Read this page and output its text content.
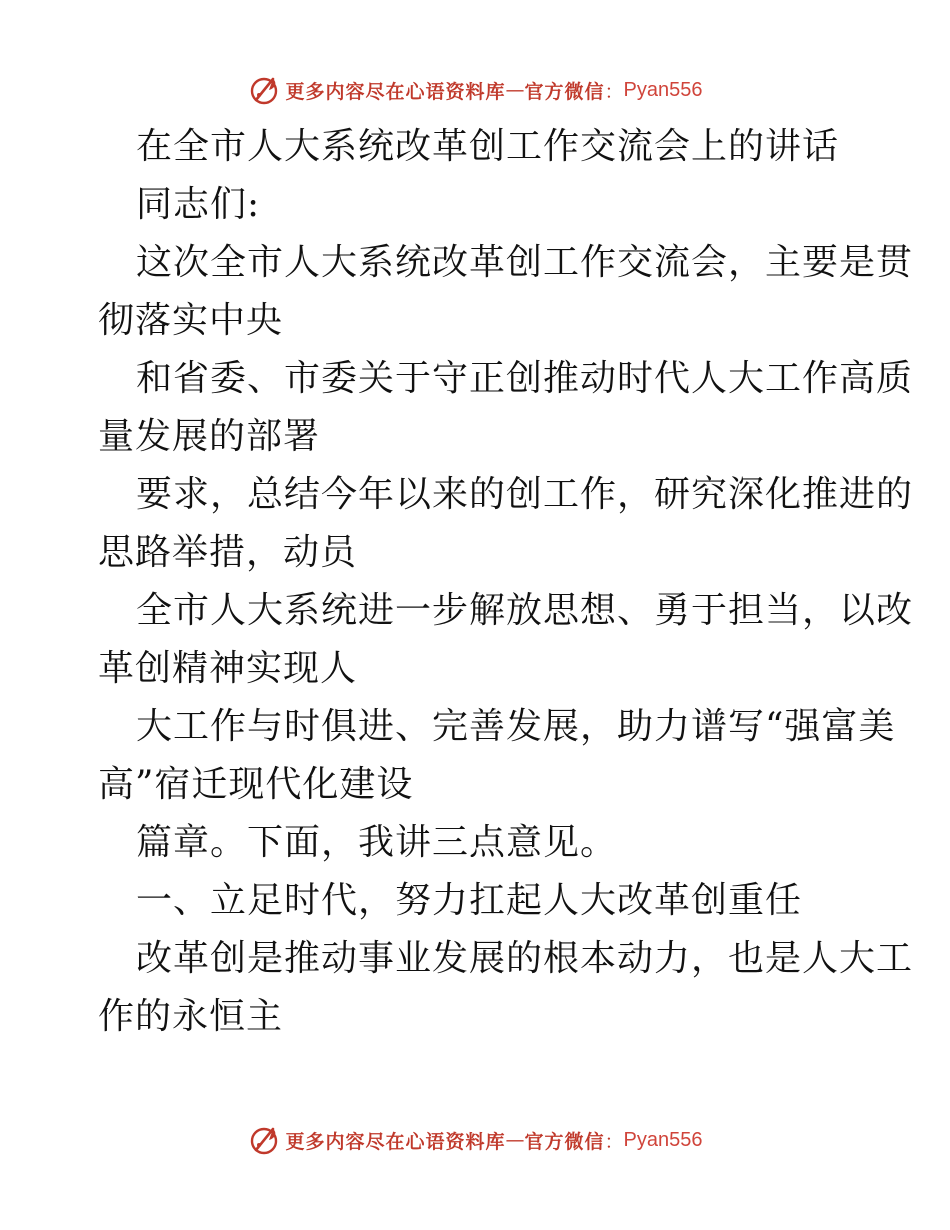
更多内容尽在心语资料库 — 官方微信 ： Pyan556
在全市人大系统改革创工作交流会上的讲话
同志们:
这次全市人大系统改革创工作交流会，主要是贯
彻落实中央
和省委、市委关于守正创推动时代人大工作高质
量发展的部署
要求，总结今年以来的创工作，研究深化推进的
思路举措，动员
全市人大系统进一步解放思想、勇于担当，以改
革创精神实现人
大工作与时俱进、完善发展，助力谱写“强富美
高”宿迁现代化建设
篇章。下面，我讲三点意见。
一、立足时代，努力扛起人大改革创重任
改革创是推动事业发展的根本动力，也是人大工
作的永恒主
更多内容尽在心语资料库 — 官方微信 ： Pyan556
